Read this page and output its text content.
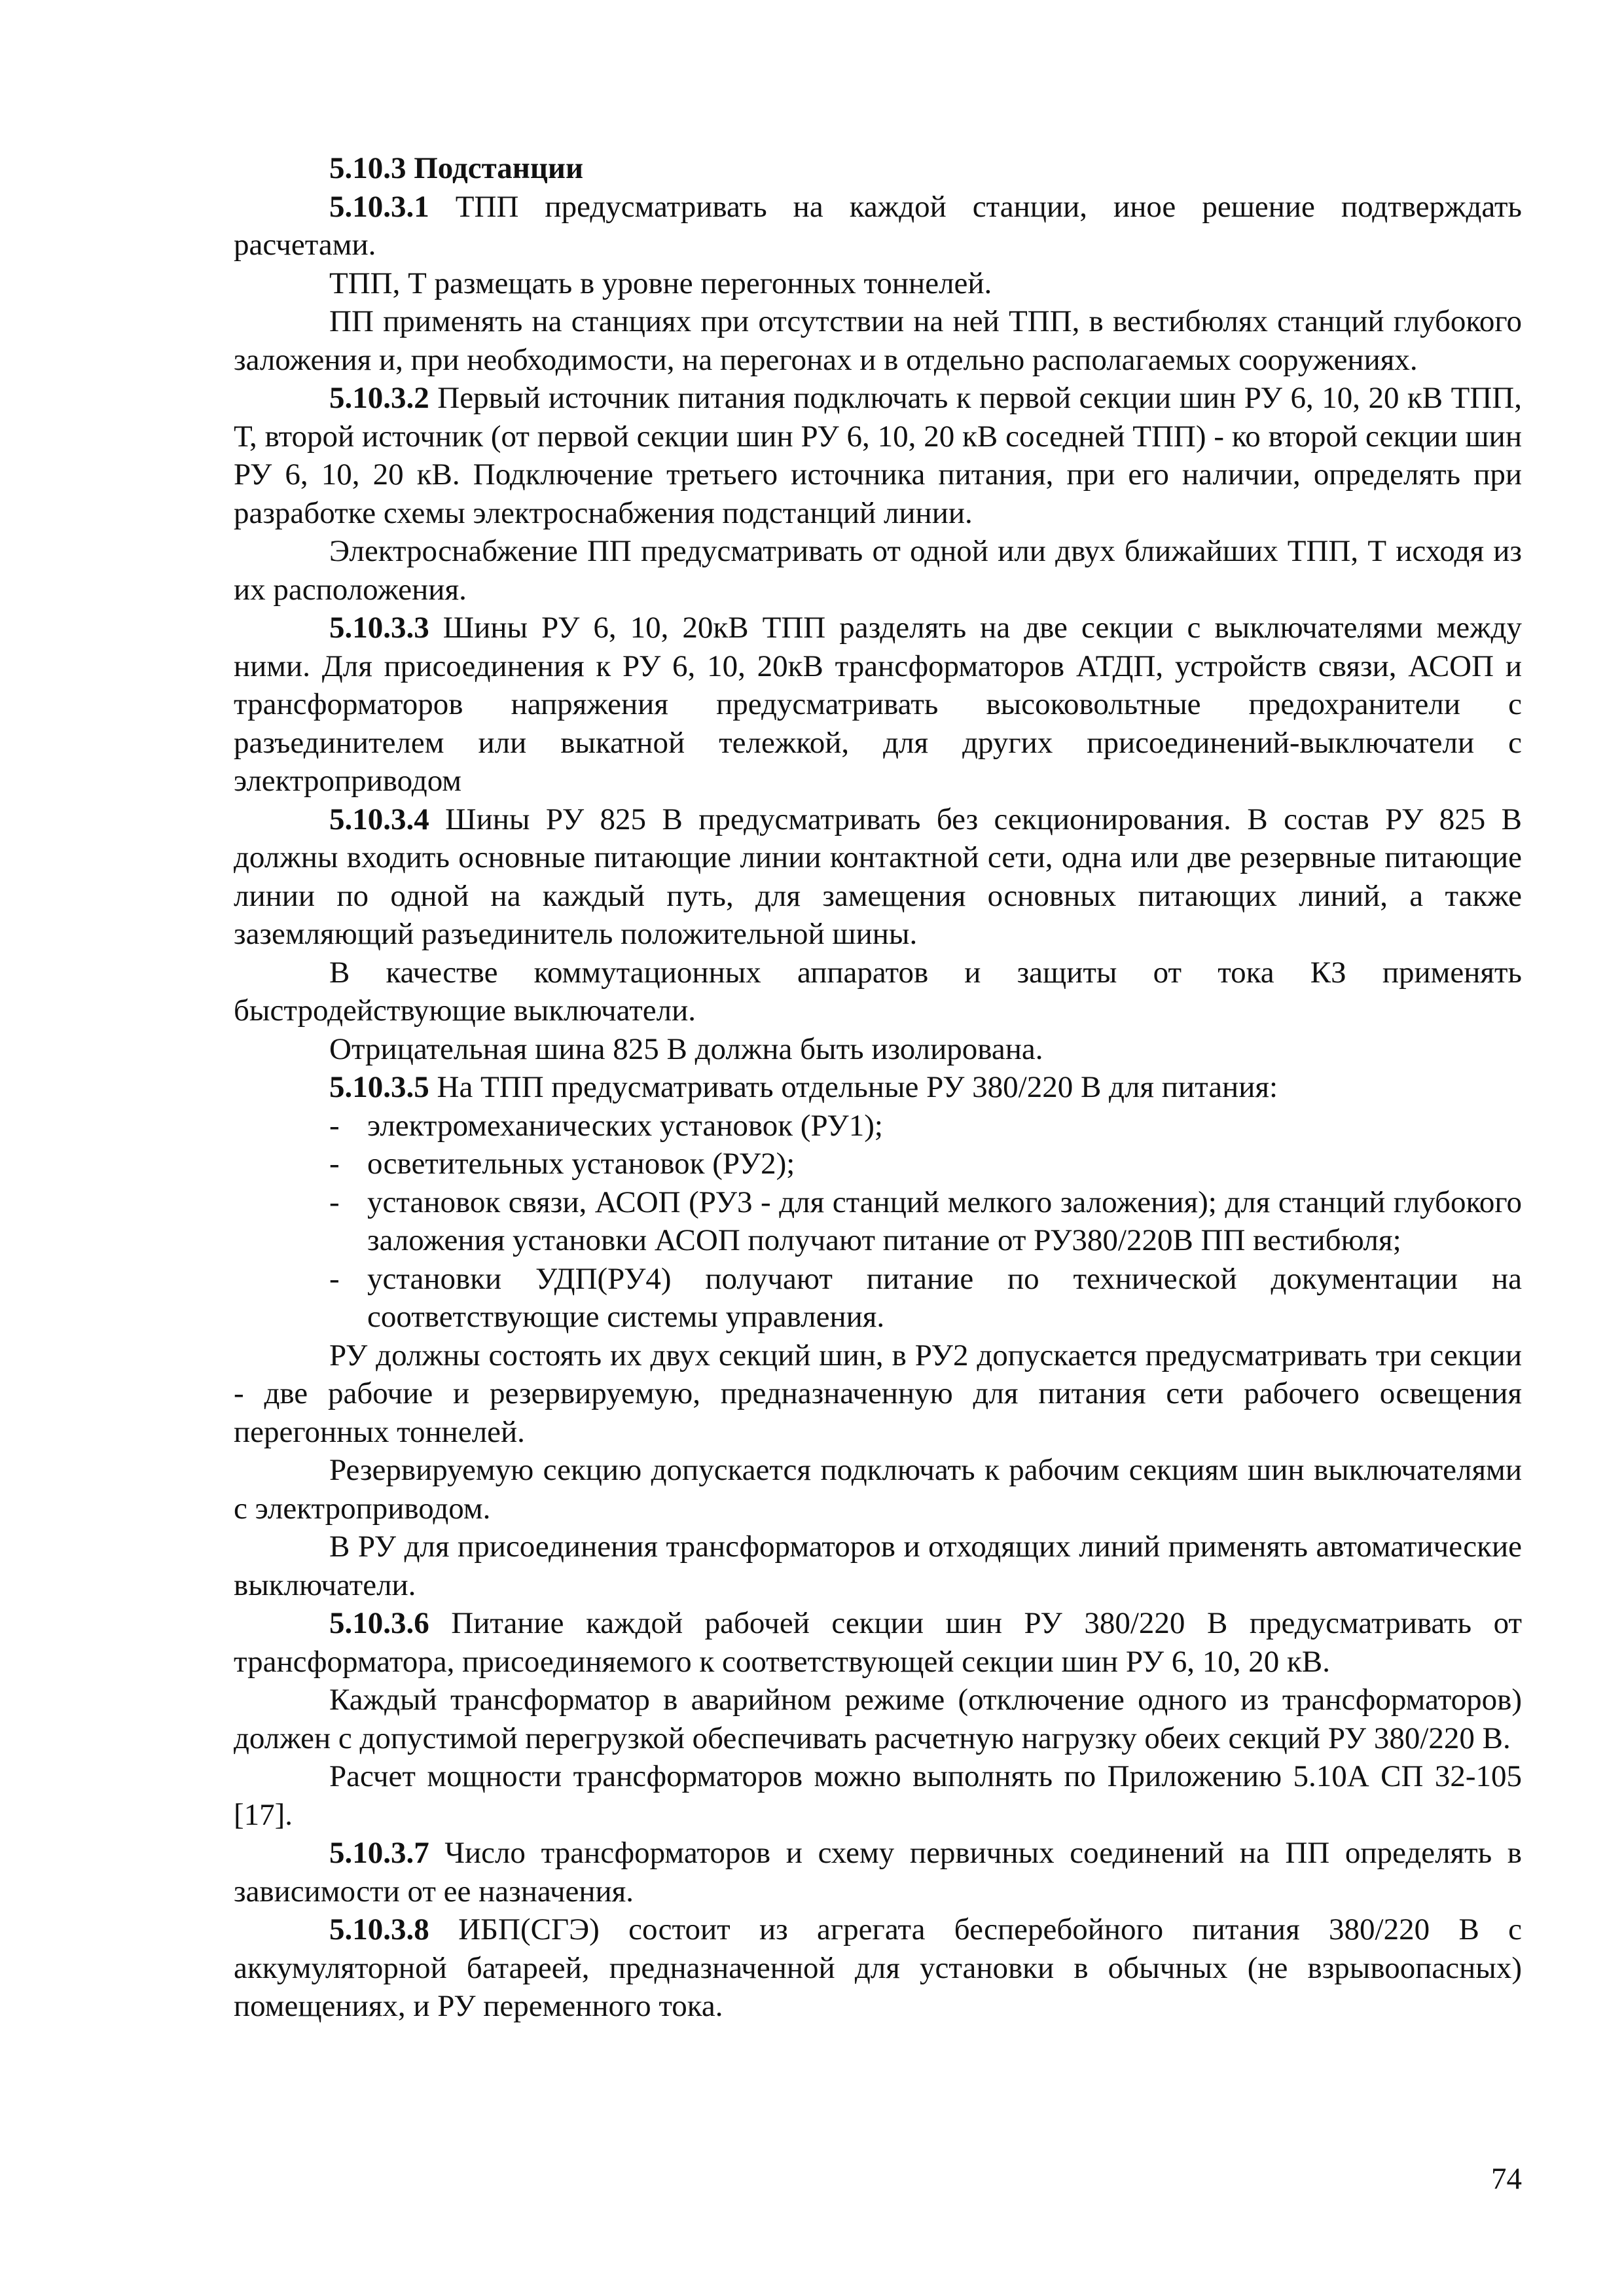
5.10.3 Подстанции

5.10.3.1 ТПП предусматривать на каждой станции, иное решение подтверждать расчетами.

ТПП, Т размещать в уровне перегонных тоннелей.

ПП применять на станциях при отсутствии на ней ТПП, в вестибюлях станций глубокого заложения и, при необходимости, на перегонах и в отдельно располагаемых сооружениях.

5.10.3.2 Первый источник питания подключать к первой секции шин РУ 6, 10, 20 кВ ТПП, Т, второй источник (от первой секции шин РУ 6, 10, 20 кВ соседней ТПП) - ко второй секции шин РУ 6, 10, 20 кВ. Подключение третьего источника питания, при его наличии, определять при разработке схемы электроснабжения подстанций линии.

Электроснабжение ПП предусматривать от одной или двух ближайших ТПП, Т исходя из их расположения.

5.10.3.3 Шины РУ 6, 10, 20кВ ТПП разделять на две секции с выключателями между ними. Для присоединения к РУ 6, 10, 20кВ трансформаторов АТДП, устройств связи, АСОП и трансформаторов напряжения предусматривать высоковольтные предохранители с разъединителем или выкатной тележкой, для других присоединений-выключатели с электроприводом

5.10.3.4 Шины РУ 825 В предусматривать без секционирования. В состав РУ 825 В должны входить основные питающие линии контактной сети, одна или две резервные питающие линии по одной на каждый путь, для замещения основных питающих линий, а также заземляющий разъединитель положительной шины.

В качестве коммутационных аппаратов и защиты от тока КЗ применять быстродействующие выключатели.

Отрицательная шина 825 В должна быть изолирована.

5.10.3.5 На ТПП предусматривать отдельные РУ 380/220 В для питания:

- электромеханических установок (РУ1);
- осветительных установок (РУ2);
- установок связи, АСОП (РУ3 - для станций мелкого заложения); для станций глубокого заложения установки АСОП получают питание от РУ380/220В ПП вестибюля;
- установки УДП(РУ4) получают питание по технической документации на соответствующие системы управления.

РУ должны состоять их двух секций шин, в РУ2 допускается предусматривать три секции - две рабочие и резервируемую, предназначенную для питания сети рабочего освещения перегонных тоннелей.

Резервируемую секцию допускается подключать к рабочим секциям шин выключателями с электроприводом.

В РУ для присоединения трансформаторов и отходящих линий применять автоматические выключатели.

5.10.3.6 Питание каждой рабочей секции шин РУ 380/220 В предусматривать от трансформатора, присоединяемого к соответствующей секции шин РУ 6, 10, 20 кВ.

Каждый трансформатор в аварийном режиме (отключение одного из трансформаторов) должен с допустимой перегрузкой обеспечивать расчетную нагрузку обеих секций РУ 380/220 В.

Расчет мощности трансформаторов можно выполнять по Приложению 5.10А СП 32-105 [17].

5.10.3.7 Число трансформаторов и схему первичных соединений на ПП определять в зависимости от ее назначения.

5.10.3.8 ИБП(СГЭ) состоит из агрегата бесперебойного питания 380/220 В с аккумуляторной батареей, предназначенной для установки в обычных (не взрывоопасных) помещениях, и РУ переменного тока.

74
